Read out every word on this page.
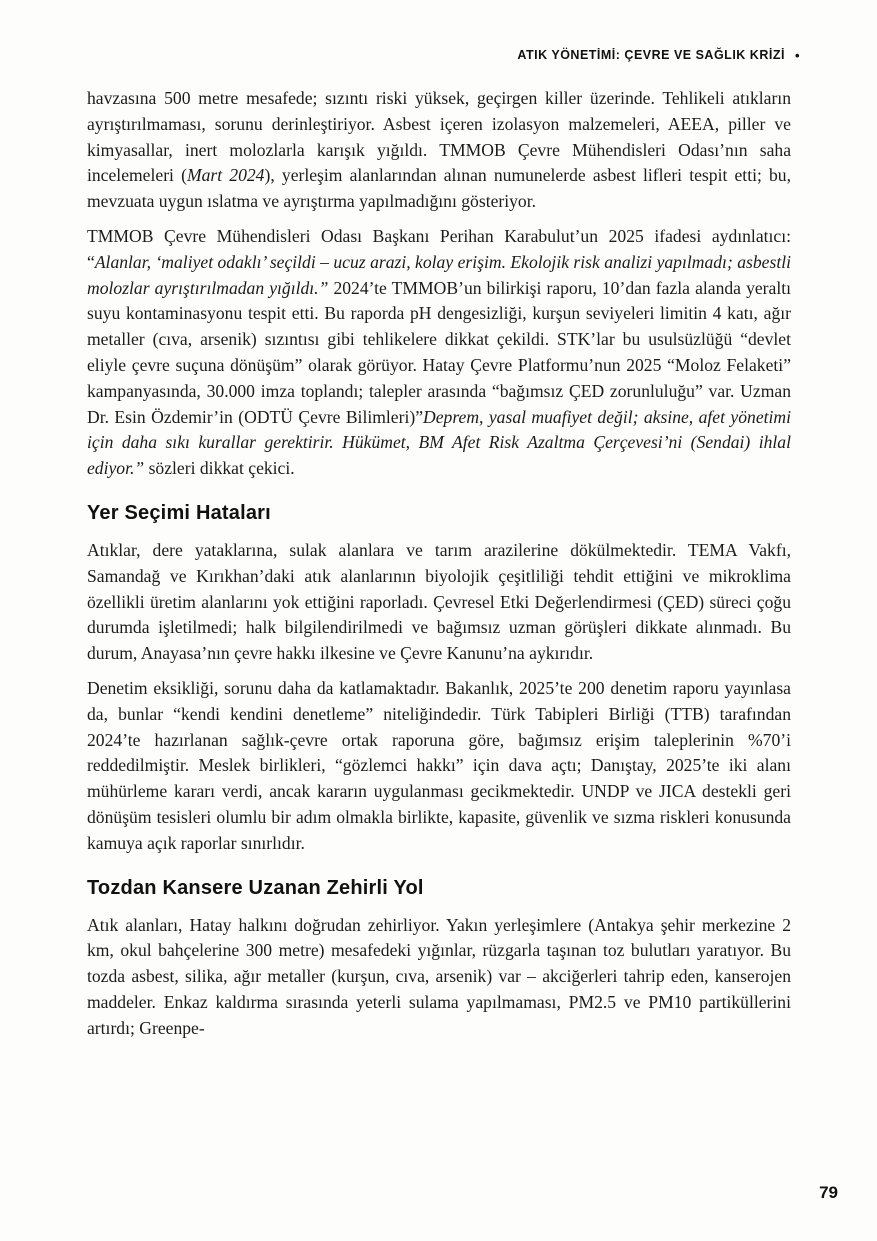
ATIK YÖNETİMİ: ÇEVRE VE SAĞLIK KRİZİ •

havzasına 500 metre mesafede; sızıntı riski yüksek, geçirgen killer üzerinde. Tehlikeli atıkların ayrıştırılmaması, sorunu derinleştiriyor. Asbest içeren izolasyon malzemeleri, AEEA, piller ve kimyasallar, inert molozlarla karışık yığıldı. TMMOB Çevre Mühendisleri Odası’nın saha incelemeleri (Mart 2024), yerleşim alanlarından alınan numunelerde asbest lifleri tespit etti; bu, mevzuata uygun ıslatma ve ayrıştırma yapılmadığını gösteriyor.

TMMOB Çevre Mühendisleri Odası Başkanı Perihan Karabulut’un 2025 ifadesi aydınlatıcı: “Alanlar, ‘maliyet odaklı’ seçildi – ucuz arazi, kolay erişim. Ekolojik risk analizi yapılmadı; asbestli molozlar ayrıştırılmadan yığıldı.” 2024’te TMMOB’un bilirkişi raporu, 10’dan fazla alanda yeraltı suyu kontaminasyonu tespit etti. Bu raporda pH dengesizliği, kurşun seviyeleri limitin 4 katı, ağır metaller (cıva, arsenik) sızıntısı gibi tehlikelere dikkat çekildi. STK’lar bu usulsüzlüğü “devlet eliyle çevre suçuna dönüşüm” olarak görüyor. Hatay Çevre Platformu’nun 2025 “Moloz Felaketi” kampanyasında, 30.000 imza toplandı; talepler arasında “bağımsız ÇED zorunluluğu” var. Uzman Dr. Esin Özdemir’in (ODTÜ Çevre Bilimleri)”Deprem, yasal muafiyet değil; aksine, afet yönetimi için daha sıkı kurallar gerektirir. Hükümet, BM Afet Risk Azaltma Çerçevesi’ni (Sendai) ihlal ediyor.” sözleri dikkat çekici.

Yer Seçimi Hataları

Atıklar, dere yataklarına, sulak alanlara ve tarım arazilerine dökülmektedir. TEMA Vakfı, Samandağ ve Kırıkhan’daki atık alanlarının biyolojik çeşitliliği tehdit ettiğini ve mikroklima özellikli üretim alanlarını yok ettiğini raporladı. Çevresel Etki Değerlendirmesi (ÇED) süreci çoğu durumda işletilmedi; halk bilgilendirilmedi ve bağımsız uzman görüşleri dikkate alınmadı. Bu durum, Anayasa’nın çevre hakkı ilkesine ve Çevre Kanunu’na aykırıdır.

Denetim eksikliği, sorunu daha da katlamaktadır. Bakanlık, 2025’te 200 denetim raporu yayınlasa da, bunlar “kendi kendini denetleme” niteliğindedir. Türk Tabipleri Birliği (TTB) tarafından 2024’te hazırlanan sağlık-çevre ortak raporuna göre, bağımsız erişim taleplerinin %70’i reddedilmiştir. Meslek birlikleri, “gözlemci hakkı” için dava açtı; Danıştay, 2025’te iki alanı mühürleme kararı verdi, ancak kararın uygulanması gecikmektedir. UNDP ve JICA destekli geri dönüşüm tesisleri olumlu bir adım olmakla birlikte, kapasite, güvenlik ve sızma riskleri konusunda kamuya açık raporlar sınırlıdır.

Tozdan Kansere Uzanan Zehirli Yol

Atık alanları, Hatay halkını doğrudan zehirliyor. Yakın yerleşimlere (Antakya şehir merkezine 2 km, okul bahçelerine 300 metre) mesafedeki yığınlar, rüzgarla taşınan toz bulutları yaratıyor. Bu tozda asbest, silika, ağır metaller (kurşun, cıva, arsenik) var – akciğerleri tahrip eden, kanserojen maddeler. Enkaz kaldırma sırasında yeterli sulama yapılmaması, PM2.5 ve PM10 partiküllerini artırdı; Greenpe-

79
